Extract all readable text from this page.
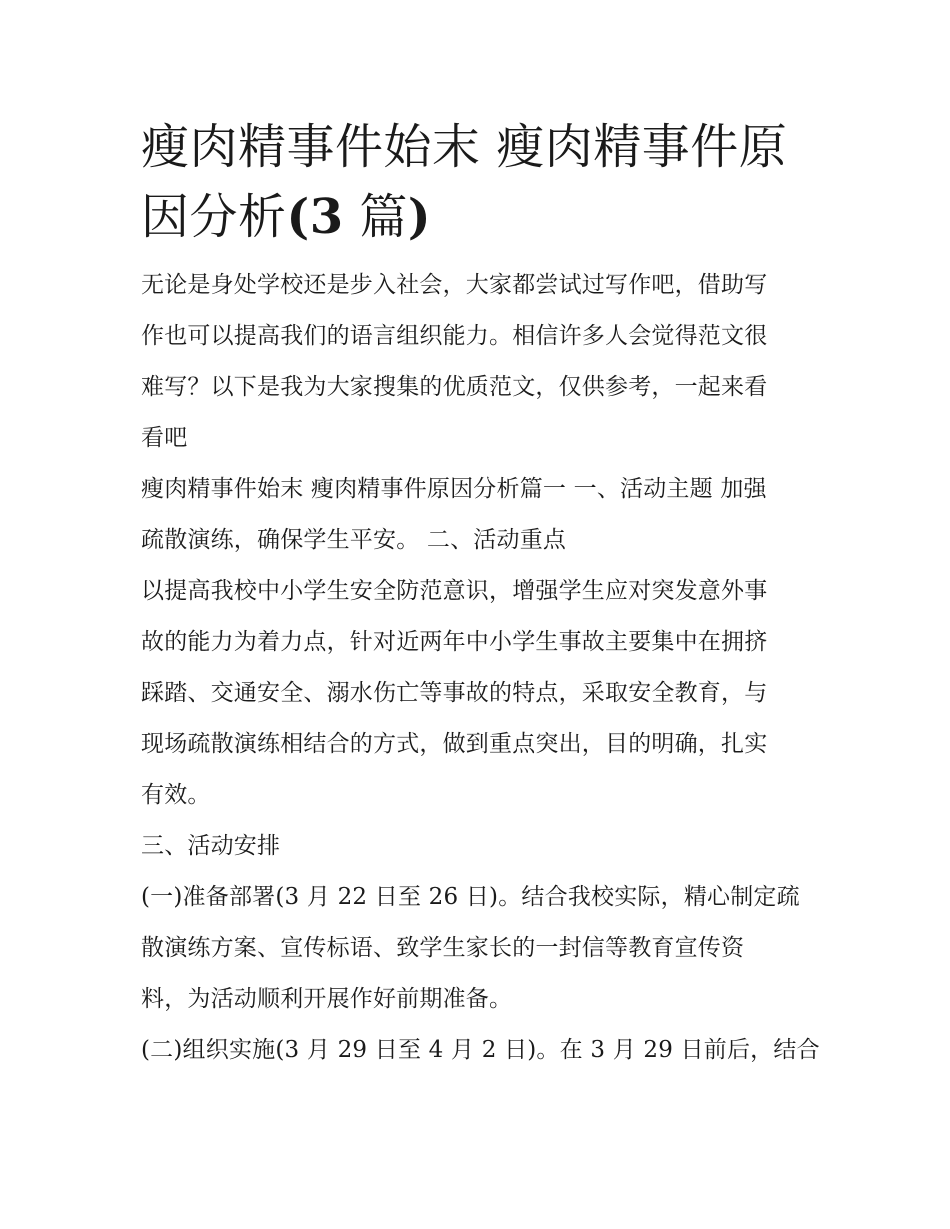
瘦肉精事件始末 瘦肉精事件原
因分析(3 篇)

无论是身处学校还是步入社会，大家都尝试过写作吧，借助写
作也可以提高我们的语言组织能力。相信许多人会觉得范文很
难写？以下是我为大家搜集的优质范文，仅供参考，一起来看
看吧

瘦肉精事件始末 瘦肉精事件原因分析篇一 一、活动主题 加强
疏散演练，确保学生平安。 二、活动重点

以提高我校中小学生安全防范意识，增强学生应对突发意外事
故的能力为着力点，针对近两年中小学生事故主要集中在拥挤
踩踏、交通安全、溺水伤亡等事故的特点，采取安全教育，与
现场疏散演练相结合的方式，做到重点突出，目的明确，扎实
有效。

三、活动安排

(一)准备部署(3 月 22 日至 26 日)。结合我校实际，精心制定疏
散演练方案、宣传标语、致学生家长的一封信等教育宣传资
料，为活动顺利开展作好前期准备。

(二)组织实施(3 月 29 日至 4 月 2 日)。在 3 月 29 日前后，结合
